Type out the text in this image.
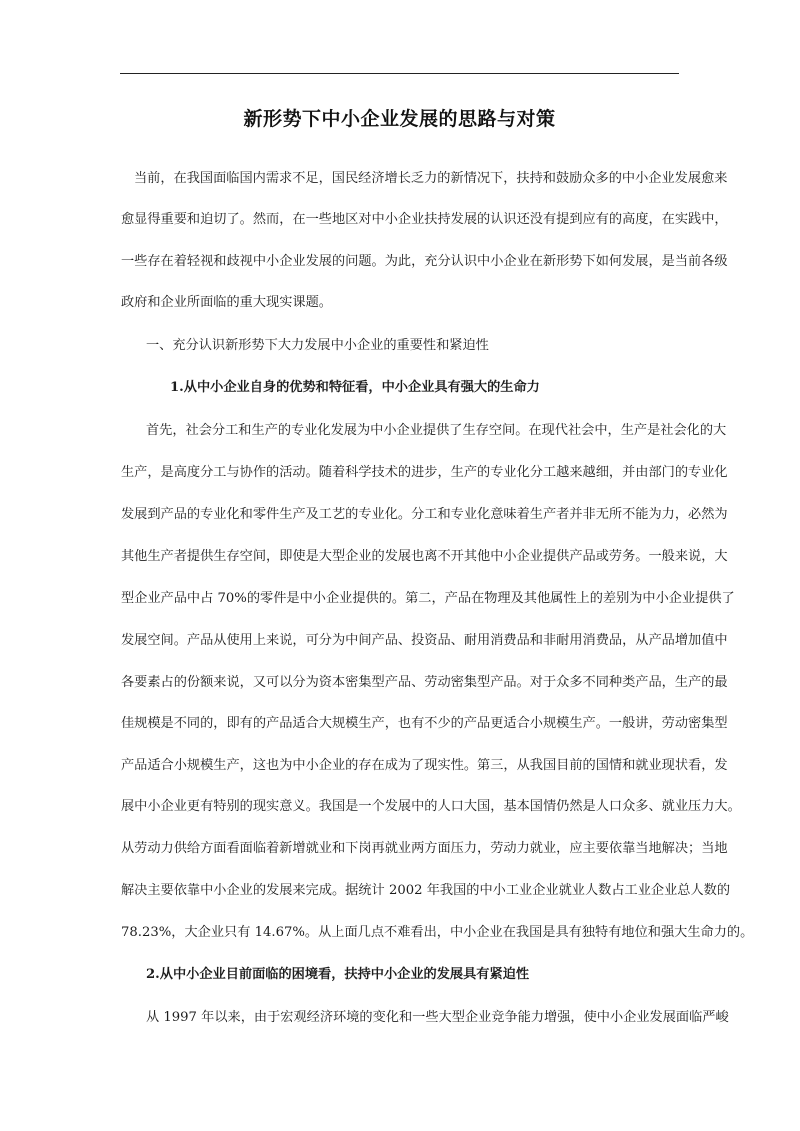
新形势下中小企业发展的思路与对策
当前，在我国面临国内需求不足，国民经济增长乏力的新情况下，扶持和鼓励众多的中小企业发展愈来
愈显得重要和迫切了。然而，在一些地区对中小企业扶持发展的认识还没有提到应有的高度，在实践中，
一些存在着轻视和歧视中小企业发展的问题。为此，充分认识中小企业在新形势下如何发展，是当前各级
政府和企业所面临的重大现实课题。
一、充分认识新形势下大力发展中小企业的重要性和紧迫性
1.从中小企业自身的优势和特征看，中小企业具有强大的生命力
首先，社会分工和生产的专业化发展为中小企业提供了生存空间。在现代社会中，生产是社会化的大
生产，是高度分工与协作的活动。随着科学技术的进步，生产的专业化分工越来越细，并由部门的专业化
发展到产品的专业化和零件生产及工艺的专业化。分工和专业化意味着生产者并非无所不能为力，必然为
其他生产者提供生存空间，即使是大型企业的发展也离不开其他中小企业提供产品或劳务。一般来说，大
型企业产品中占 70%的零件是中小企业提供的。第二，产品在物理及其他属性上的差别为中小企业提供了
发展空间。产品从使用上来说，可分为中间产品、投资品、耐用消费品和非耐用消费品，从产品增加值中
各要素占的份额来说，又可以分为资本密集型产品、劳动密集型产品。对于众多不同种类产品，生产的最
佳规模是不同的，即有的产品适合大规模生产，也有不少的产品更适合小规模生产。一般讲，劳动密集型
产品适合小规模生产，这也为中小企业的存在成为了现实性。第三，从我国目前的国情和就业现状看，发
展中小企业更有特别的现实意义。我国是一个发展中的人口大国，基本国情仍然是人口众多、就业压力大。
从劳动力供给方面看面临着新增就业和下岗再就业两方面压力，劳动力就业，应主要依靠当地解决；当地
解决主要依靠中小企业的发展来完成。据统计 2002 年我国的中小工业企业就业人数占工业企业总人数的
78.23%，大企业只有 14.67%。从上面几点不难看出，中小企业在我国是具有独特有地位和强大生命力的。
2.从中小企业目前面临的困境看，扶持中小企业的发展具有紧迫性
从 1997 年以来，由于宏观经济环境的变化和一些大型企业竞争能力增强，使中小企业发展面临严峻
